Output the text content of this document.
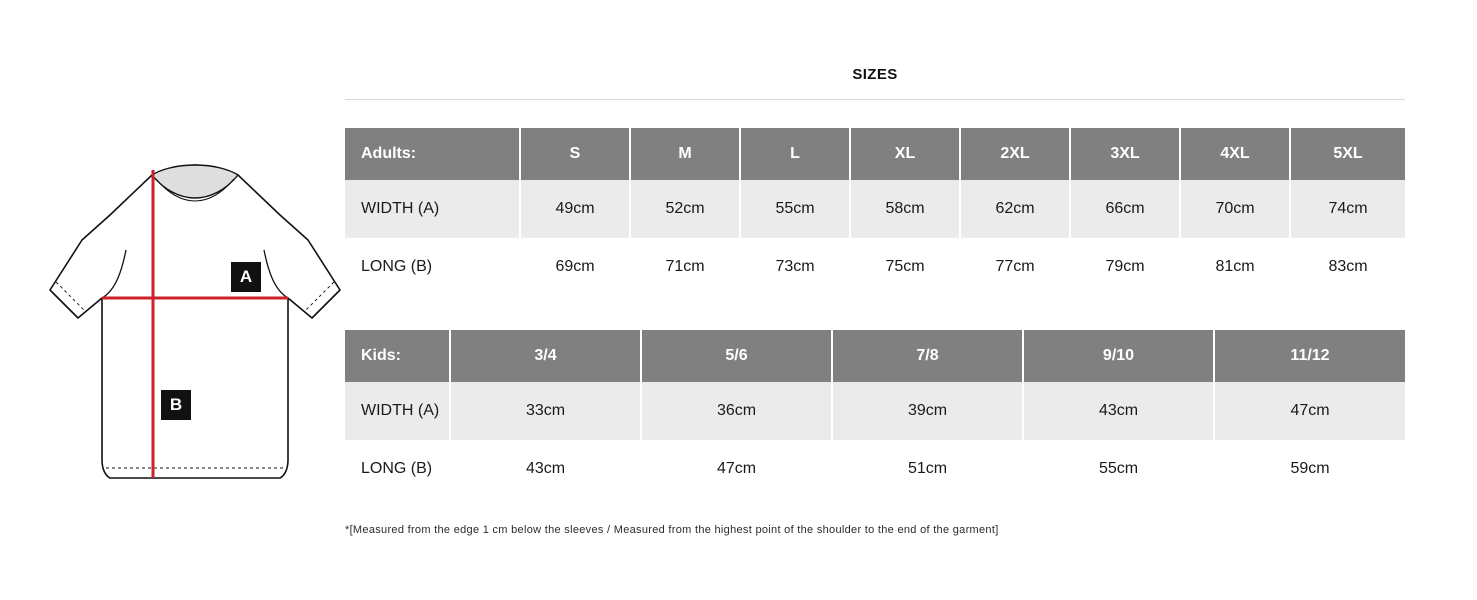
A
B
SIZES
Adults:	S	M	L	XL	2XL	3XL	4XL	5XL
WIDTH (A)	49cm	52cm	55cm	58cm	62cm	66cm	70cm	74cm
LONG (B)	69cm	71cm	73cm	75cm	77cm	79cm	81cm	83cm
Kids:	3/4	5/6	7/8	9/10	11/12
WIDTH (A)	33cm	36cm	39cm	43cm	47cm
LONG (B)	43cm	47cm	51cm	55cm	59cm
*[Measured from the edge 1 cm below the sleeves / Measured from the highest point of the shoulder to the end of the garment]
